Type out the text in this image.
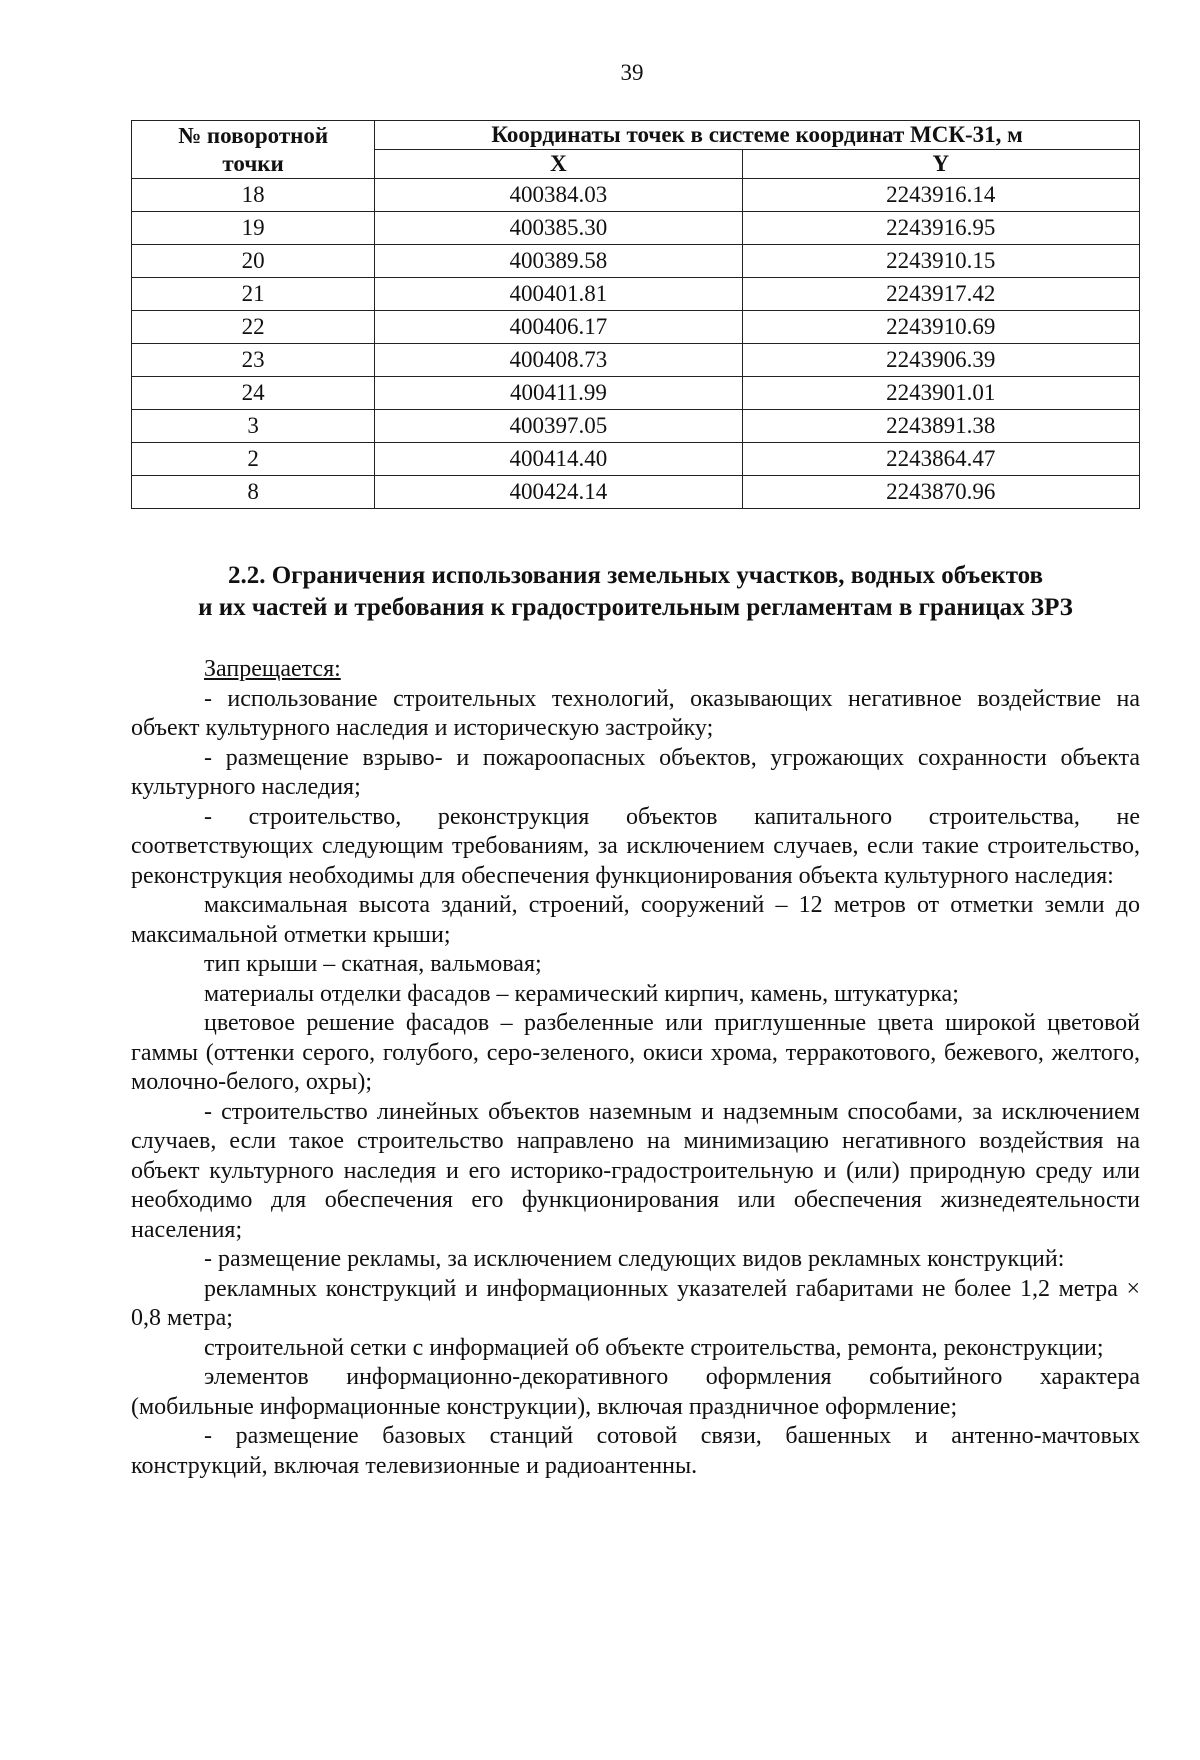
39
№ поворотной
точки	Координаты точек в системе координат МСК-31, м	
	X	Y
18	400384.03	2243916.14
19	400385.30	2243916.95
20	400389.58	2243910.15
21	400401.81	2243917.42
22	400406.17	2243910.69
23	400408.73	2243906.39
24	400411.99	2243901.01
3	400397.05	2243891.38
2	400414.40	2243864.47
8	400424.14	2243870.96
2.2. Ограничения использования земельных участков, водных объектов
и их частей и требования к градостроительным регламентам в границах ЗРЗ

Запрещается:

- использование строительных технологий, оказывающих негативное воздействие на объект культурного наследия и историческую застройку;

- размещение взрыво- и пожароопасных объектов, угрожающих сохранности объекта культурного наследия;

- строительство, реконструкция объектов капитального строительства, не соответствующих следующим требованиям, за исключением случаев, если такие строительство, реконструкция необходимы для обеспечения функционирования объекта культурного наследия:

максимальная высота зданий, строений, сооружений – 12 метров от отметки земли до максимальной отметки крыши;

тип крыши – скатная, вальмовая;

материалы отделки фасадов – керамический кирпич, камень, штукатурка;

цветовое решение фасадов – разбеленные или приглушенные цвета широкой цветовой гаммы (оттенки серого, голубого, серо-зеленого, окиси хрома, терракотового, бежевого, желтого, молочно-белого, охры);

- строительство линейных объектов наземным и надземным способами, за исключением случаев, если такое строительство направлено на минимизацию негативного воздействия на объект культурного наследия и его историко-градостроительную и (или) природную среду или необходимо для обеспечения его функционирования или обеспечения жизнедеятельности населения;

- размещение рекламы, за исключением следующих видов рекламных конструкций:

рекламных конструкций и информационных указателей габаритами не более 1,2 метра × 0,8 метра;

строительной сетки с информацией об объекте строительства, ремонта, реконструкции;

элементов информационно-декоративного оформления событийного характера (мобильные информационные конструкции), включая праздничное оформление;

- размещение базовых станций сотовой связи, башенных и антенно-мачтовых конструкций, включая телевизионные и радиоантенны.
